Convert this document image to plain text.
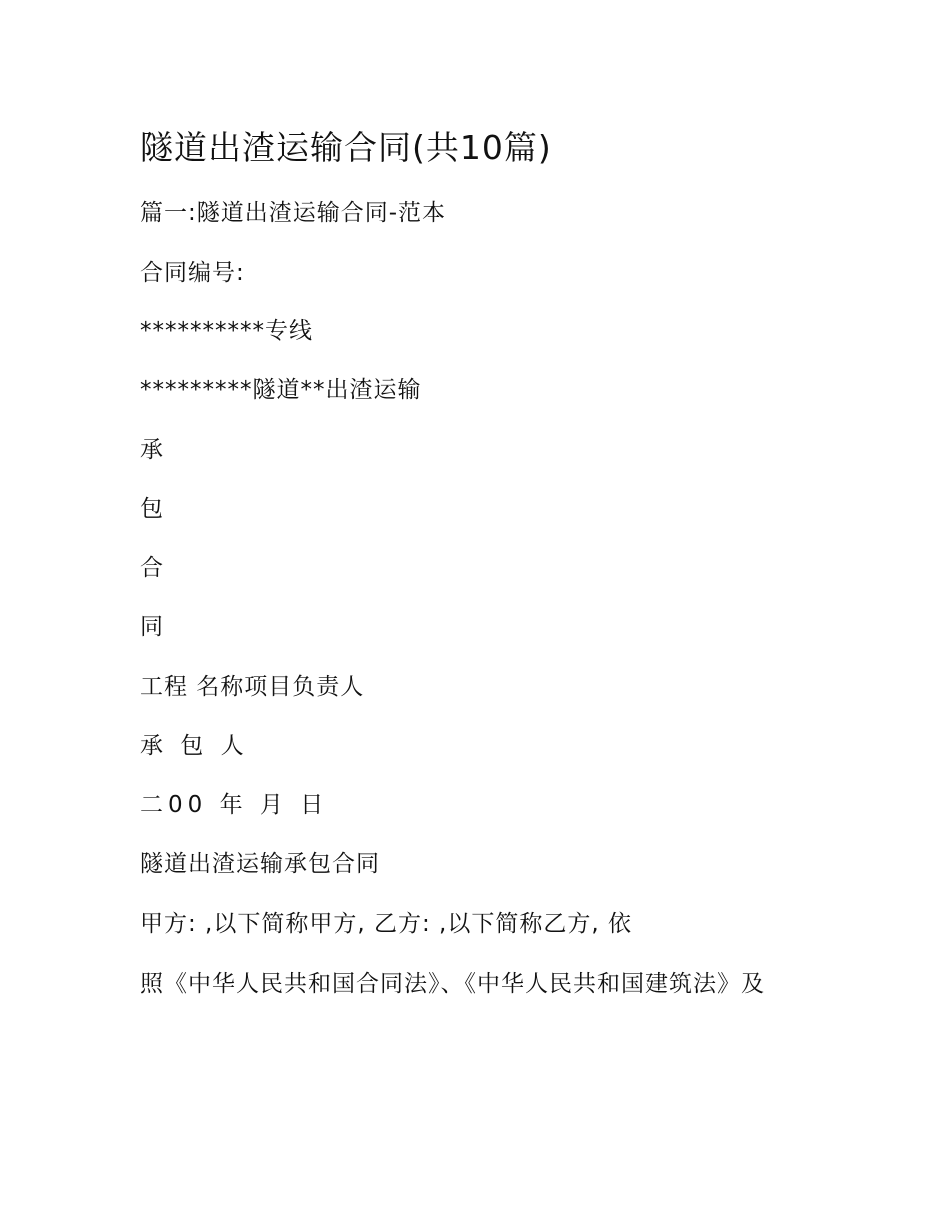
隧道出渣运输合同(共10篇)
篇一:隧道出渣运输合同-范本
合同编号:
**********专线
*********隧道**出渣运输
承
包
合
同
工程 名称项目负责人
承 包 人
二00 年 月 日
隧道出渣运输承包合同
甲方: ,以下简称甲方, 乙方: ,以下简称乙方, 依
照《中华人民共和国合同法》、《中华人民共和国建筑法》及
